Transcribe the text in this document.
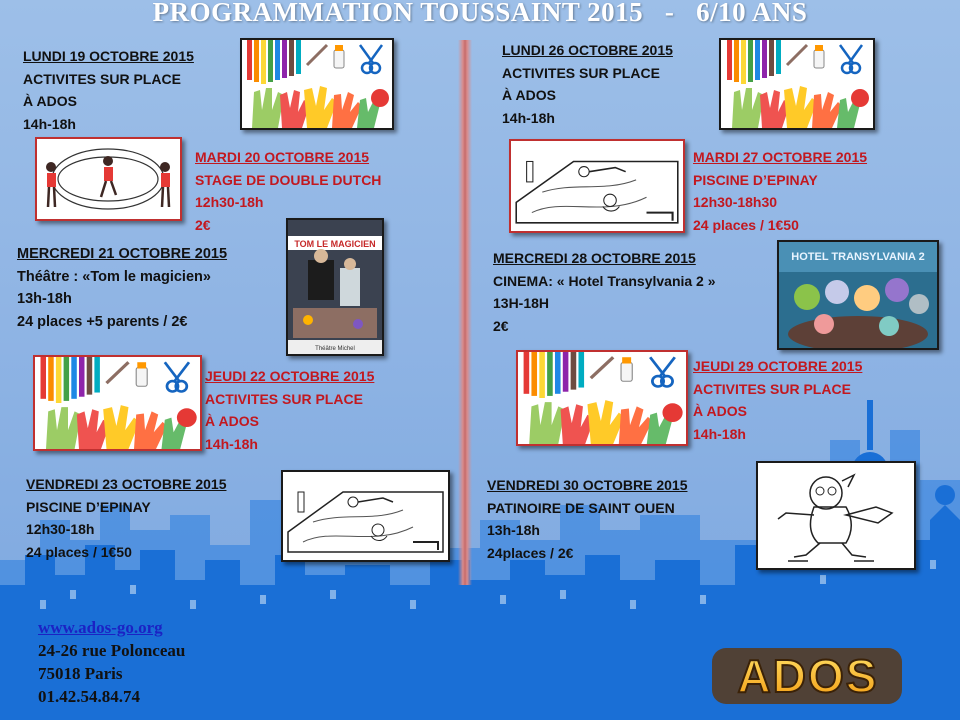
PROGRAMMATION TOUSSAINT 2015   -   6/10 ANS
LUNDI 19 OCTOBRE 2015
ACTIVITES SUR PLACE
À ADOS
14h-18h
MARDI 20 OCTOBRE 2015
STAGE DE DOUBLE DUTCH
12h30-18h
2€
MERCREDI 21 OCTOBRE 2015
Théâtre : «Tom le magicien»
13h-18h
24 places +5 parents / 2€
JEUDI 22 OCTOBRE 2015
ACTIVITES SUR PLACE
À ADOS
14h-18h
VENDREDI 23 OCTOBRE 2015
PISCINE D’EPINAY
12h30-18h
24 places / 1€50
LUNDI 26 OCTOBRE 2015
ACTIVITES SUR PLACE
À ADOS
14h-18h
MARDI 27 OCTOBRE 2015
PISCINE D’EPINAY
12h30-18h30
24 places / 1€50
MERCREDI 28 OCTOBRE 2015
CINEMA: « Hotel Transylvania 2 »
13H-18H
2€
JEUDI 29 OCTOBRE 2015
ACTIVITES SUR PLACE
À ADOS
14h-18h
VENDREDI 30 OCTOBRE 2015
PATINOIRE DE SAINT OUEN
13h-18h
24places / 2€
TOM LE MAGICIEN
Théâtre Michel
HOTEL TRANSYLVANIA 2
www.ados-go.org
24-26 rue Polonceau
75018 Paris
01.42.54.84.74	ADOS
